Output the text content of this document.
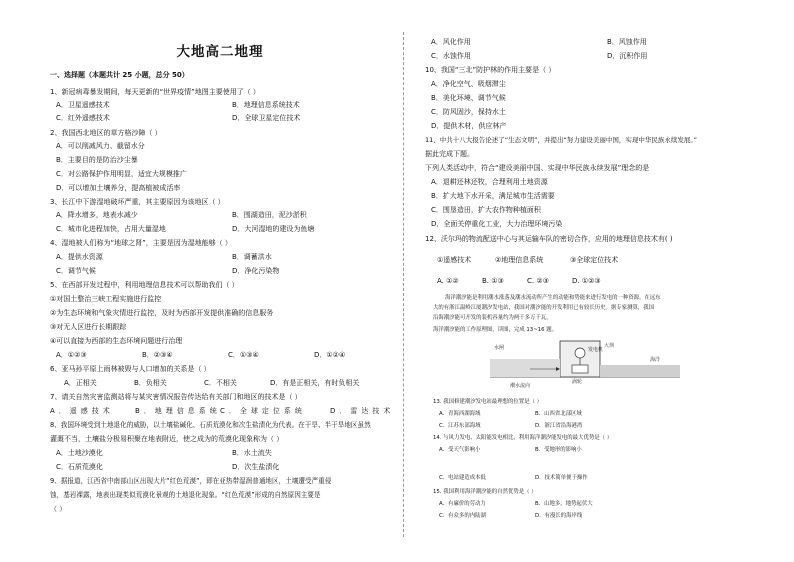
大地高二地理
一、选择题（本题共计 25 小题，总分 50）
1、新冠病毒暴发期间，每天更新的“世界疫情”地图主要使用了（ ）
A．卫星遥感技术	B．地理信息系统技术
C．红外遥感技术	D．全球卫星定位技术
2、我国西北地区的草方格沙障（ ）
A．可以削减风力、截留水分
B．主要目的是防治沙尘暴
C．对公路保护作用明显，适宜大规模推广
D．可以增加土壤养分，提高植被成活率
3、长江中下游湿地破坏严重，其主要原因为该地区（ ）
A．降水增多，地表水减少	B．围湖造田，泥沙淤积
C．城市化进程加快，占用大量湿地	D．大河湿地的建设为鱼塘
4、湿地被人们称为“地球之肾”，主要是因为湿地能够（ ）
A．提供水资源	B．调蓄洪水
C．调节气候	D．净化污染物
5、在西部开发过程中，利用地理信息技术可以帮助我们（ ）
①对国土整治三峡工程实施进行监控
②为生态环境和气象灾情进行监控，及时为西部开发提供准确的信息服务
③对无人区进行长期跟踪
④可以直接为西部的生态环境问题进行治理
A．①②③	B．②③④	C．①③④	D．①②④
6、亚马孙平原上雨林被毁与人口增加的关系是（ ）
A．正相关	B．负相关	C．不相关	D．有是正相关，有时负相关
7、请关自然灾害监测站将与某灾害情况报告传达给有关部门和地区的技术是（ ）
A．遥感技术	B．地理信息系统 C．全球定位系统	D．雷达技术
8、我国环境受到土地退化的威胁，以土壤盐碱化、石质荒漠化和次生盐渍化为代表。在干旱、半干旱地区虽然
灌溉不当，土壤盐分极易积聚在地表附近，使之成为的荒漠化现象称为（ ）
A．土地沙漠化	B．水土流失
C．石质荒漠化	D．次生盐渍化
9、据报道，江西省中南部山区出现大片“红色荒漠”，即在亚热带湿润普通地区，土壤遭受严重侵
蚀，基岩裸露，地表出现类似荒漠化景观的土地退化现象。“红色荒漠”形成的自然原因主要是
（ ）
A．风化作用	B．风蚀作用
C．水蚀作用	D．沉积作用
10、我国“三北”防护林的作用主要是（ ）
A．净化空气、吸烟滞尘
B．美化环境、调节气候
C．防风固沙，保持水土
D．提供木材，供应林产
11、中共十八大报告论述了“生态文明”，并提出“努力建设美丽中国，实现中华民族永续发展。”
据此完成下题。
下列人类活动中，符合“建设美丽中国、实现中华民族永续发展”理念的是
A．退耕还林还牧，合理利用土地资源
B．扩大地下水开采，满足城市生活需要
C．围垦造田，扩大农作物种植面积
D．全面关停重化工业，大力治理环境污染
12、沃尔玛的物流配送中心与其运输车队的密切合作，应用的地理信息技术有( )
①遥感技术	②地理信息系统	③全球定位技术
A. ①②	B. ①③	C. ②③	D. ①②③
海洋潮汐能是利用潮水涨落及潮水流动所产生的动能和势能来进行发电的一种资源。在远东
大的有浙江温岭江厦潮汐发电站，我国对潮汐能的开发利用已有较长历史。据专家测算，我国
沿海潮汐能可开发的装机容量约为两千多万千瓦。
海洋潮汐能的工作原理图，读图，完成 13~16 题。
水闸
涡轮
发电机
大坝
海洋
潮水流向
13. 我国修建潮汐发电站最理想的位置是（ ）
A．青海西湖海域	B．山西省北部区域
C．江苏东部海域	D．浙江省沿海港湾
14. 与风力发电、太阳能发电相比，利用海洋潮汐能发电的最大优势是（ ）
A．受天气影响小	B．受地形的影响小
C．电站建造成本低	D．技术简单便于操作
15. 我国利用海洋潮汐能的自然优势是（ ）
A．有廉价的劳动力	B．山地多，地势起伏大
C．有众多的内陆湖	D．有漫长的海岸线
